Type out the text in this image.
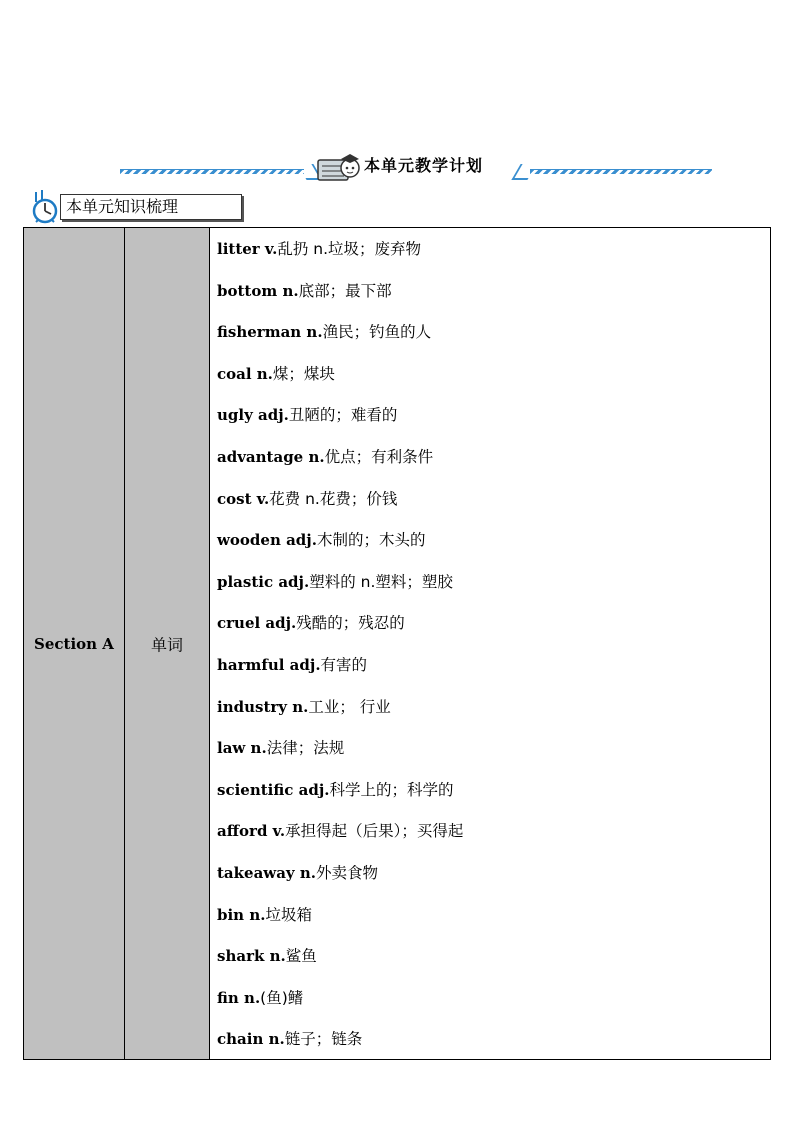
本单元教学计划
本单元知识梳理
Section A	单词
litter v.乱扔 n.垃圾；废弃物
bottom n.底部；最下部
fisherman n.渔民；钓鱼的人
coal n.煤；煤块
ugly adj.丑陋的；难看的
advantage n.优点；有利条件
cost v.花费 n.花费；价钱
wooden adj.木制的；木头的
plastic adj.塑料的 n.塑料；塑胶
cruel adj.残酷的；残忍的
harmful adj.有害的
industry n.工业； 行业
law n.法律；法规
scientific adj.科学上的；科学的
afford v.承担得起（后果）；买得起
takeaway n.外卖食物
bin n.垃圾箱
shark n.鲨鱼
fin n.(鱼)鳍
chain n.链子；链条
